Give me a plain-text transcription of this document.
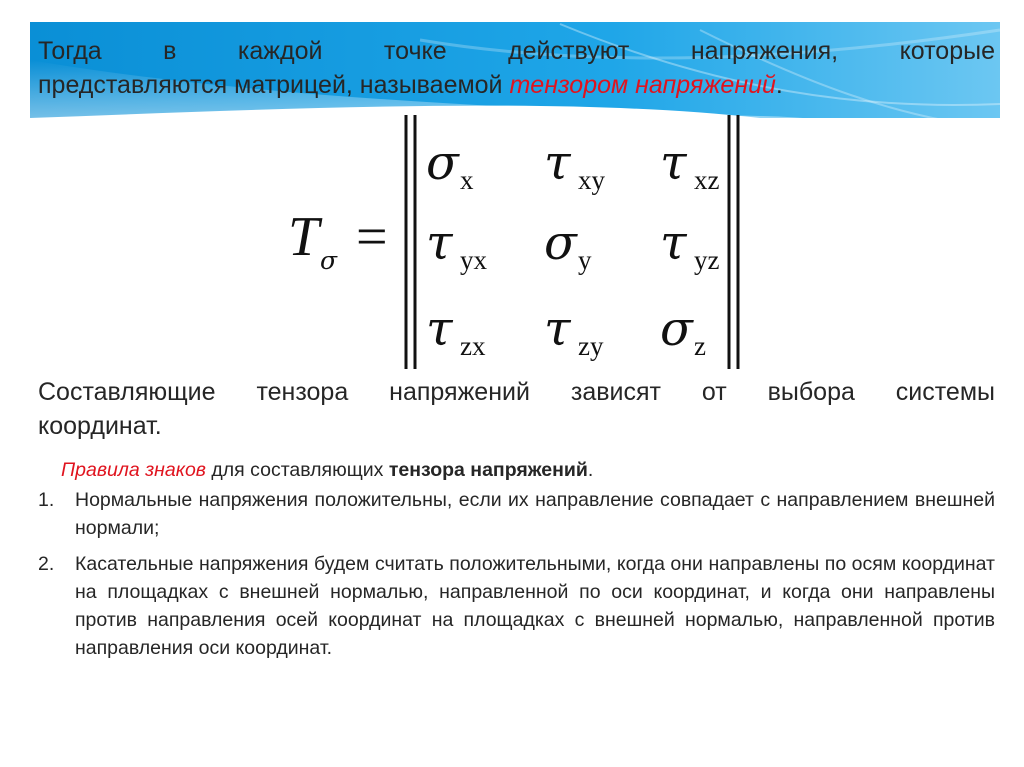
Тогда в каждой точке действуют напряжения, которые
представляются матрицей, называемой тензором напряжений.

T σ =
σ x τ xy τ xz
τ yx σ y τ yz
τ zx τ zy σ z

Составляющие тензора напряжений зависят от выбора системы
координат.

Правила знаков для составляющих тензора напряжений.

1. Нормальные напряжения положительны, если их направление совпадает с направлением внешней нормали;

2. Касательные напряжения будем считать положительными, когда они направлены по осям координат на площадках с внешней нормалью, направленной по оси координат, и когда они направлены против направления осей координат на площадках с внешней нормалью, направленной против направления оси координат.
